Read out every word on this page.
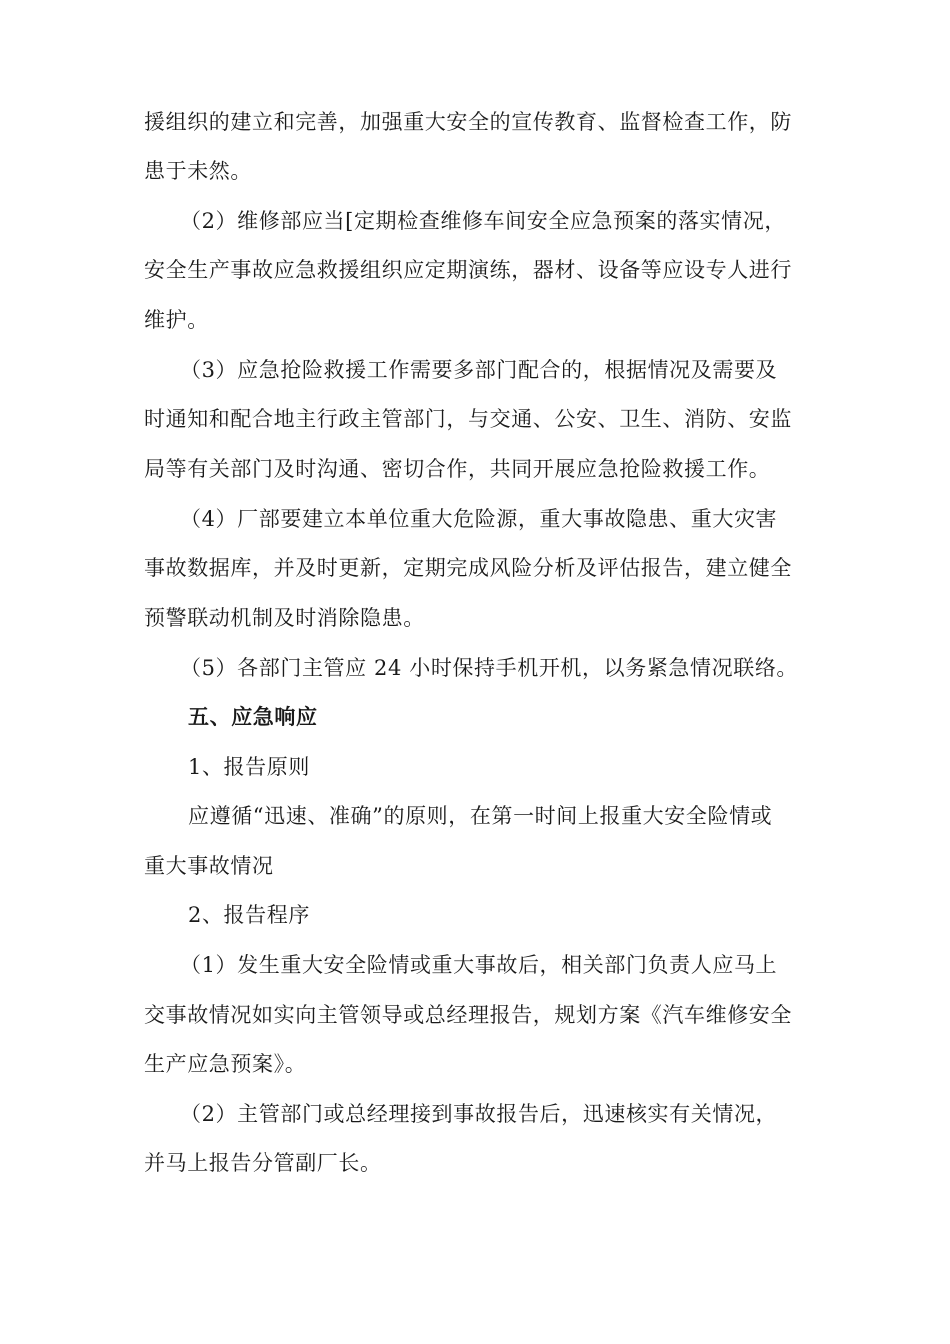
援组织的建立和完善，加强重大安全的宣传教育、监督检查工作，防
患于未然。
（2）维修部应当[定期检查维修车间安全应急预案的落实情况，
安全生产事故应急救援组织应定期演练，器材、设备等应设专人进行
维护。
（3）应急抢险救援工作需要多部门配合的，根据情况及需要及
时通知和配合地主行政主管部门，与交通、公安、卫生、消防、安监
局等有关部门及时沟通、密切合作，共同开展应急抢险救援工作。
（4）厂部要建立本单位重大危险源，重大事故隐患、重大灾害
事故数据库，并及时更新，定期完成风险分析及评估报告，建立健全
预警联动机制及时消除隐患。
（5）各部门主管应 24 小时保持手机开机，以务紧急情况联络。
五、应急响应
1、报告原则
应遵循“迅速、准确”的原则，在第一时间上报重大安全险情或
重大事故情况
2、报告程序
（1）发生重大安全险情或重大事故后，相关部门负责人应马上
交事故情况如实向主管领导或总经理报告，规划方案《汽车维修安全
生产应急预案》。
（2）主管部门或总经理接到事故报告后，迅速核实有关情况，
并马上报告分管副厂长。
